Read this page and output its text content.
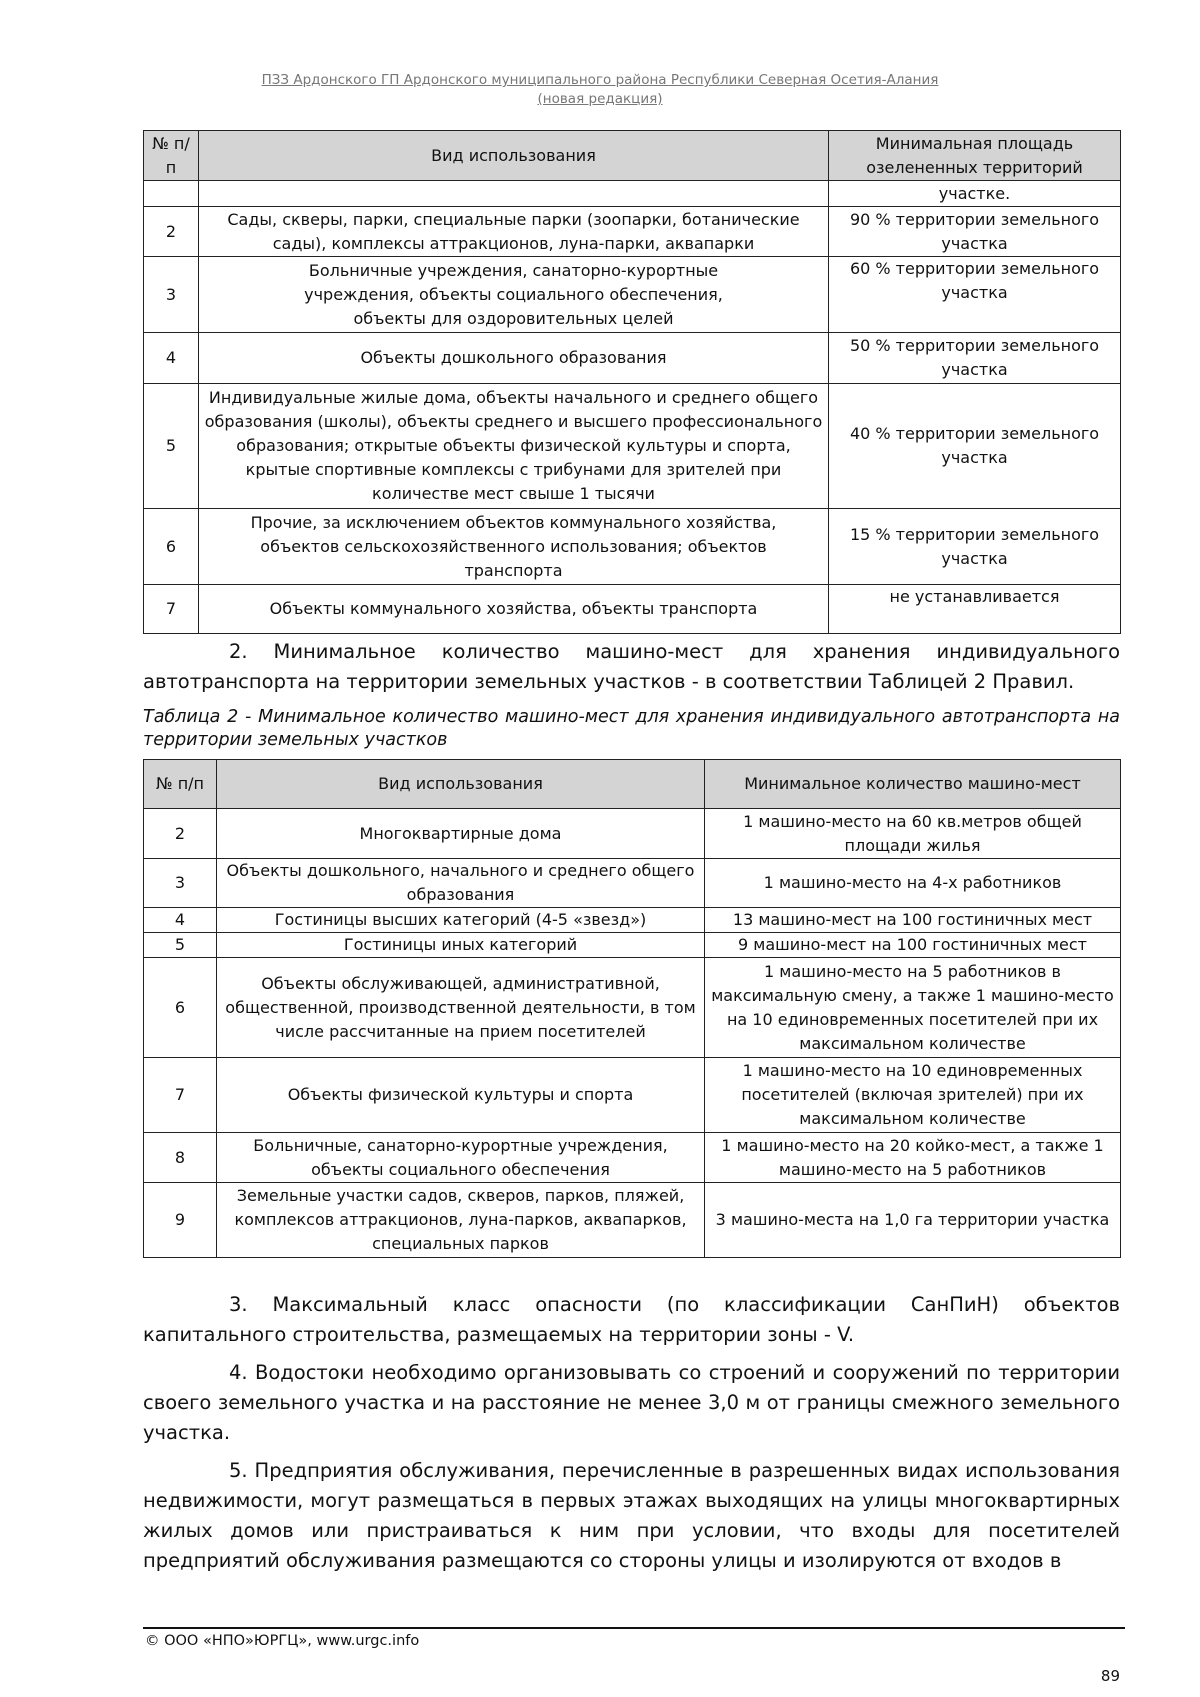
ПЗЗ Ардонского ГП Ардонского муниципального района Республики Северная Осетия-Алания
(новая редакция)
№ п/п	Вид использования	Минимальная площадь озелененных территорий
		участке.
2	Сады, скверы, парки, специальные парки (зоопарки, ботанические сады), комплексы аттракционов, луна-парки, аквапарки	90 % территории земельного участка
3	Больничные учреждения, санаторно-курортные учреждения, объекты социального обеспечения, объекты для оздоровительных целей	60 % территории земельного участка
4	Объекты дошкольного образования	50 % территории земельного участка
5	Индивидуальные жилые дома, объекты начального и среднего общего образования (школы), объекты среднего и высшего профессионального образования; открытые объекты физической культуры и спорта, крытые спортивные комплексы с трибунами для зрителей при количестве мест свыше 1 тысячи	40 % территории земельного участка
6	Прочие, за исключением объектов коммунального хозяйства, объектов сельскохозяйственного использования; объектов транспорта	15 % территории земельного участка
7	Объекты коммунального хозяйства, объекты транспорта	не устанавливается
2. Минимальное количество машино-мест для хранения индивидуального автотранспорта на территории земельных участков - в соответствии Таблицей 2 Правил.
Таблица 2 - Минимальное количество машино-мест для хранения индивидуального автотранспорта на территории земельных участков
№ п/п	Вид использования	Минимальное количество машино-мест
2	Многоквартирные дома	1 машино-место на 60 кв.метров общей площади жилья
3	Объекты дошкольного, начального и среднего общего образования	1 машино-место на 4-х работников
4	Гостиницы высших категорий (4-5 «звезд»)	13 машино-мест на 100 гостиничных мест
5	Гостиницы иных категорий	9 машино-мест на 100 гостиничных мест
6	Объекты обслуживающей, административной, общественной, производственной деятельности, в том числе рассчитанные на прием посетителей	1 машино-место на 5 работников в максимальную смену, а также 1 машино-место на 10 единовременных посетителей при их максимальном количестве
7	Объекты физической культуры и спорта	1 машино-место на 10 единовременных посетителей (включая зрителей) при их максимальном количестве
8	Больничные, санаторно-курортные учреждения, объекты социального обеспечения	1 машино-место на 20 койко-мест, а также 1 машино-место на 5 работников
9	Земельные участки садов, скверов, парков, пляжей, комплексов аттракционов, луна-парков, аквапарков, специальных парков	3 машино-места на 1,0 га территории участка
3. Максимальный класс опасности (по классификации СанПиН) объектов капитального строительства, размещаемых на территории зоны - V.
4. Водостоки необходимо организовывать со строений и сооружений по территории своего земельного участка и на расстояние не менее 3,0 м от границы смежного земельного участка.
5. Предприятия обслуживания, перечисленные в разрешенных видах использования недвижимости, могут размещаться в первых этажах выходящих на улицы многоквартирных жилых домов или пристраиваться к ним при условии, что входы для посетителей предприятий обслуживания размещаются со стороны улицы и изолируются от входов в
© ООО «НПО»ЮРГЦ», www.urgc.info
89
